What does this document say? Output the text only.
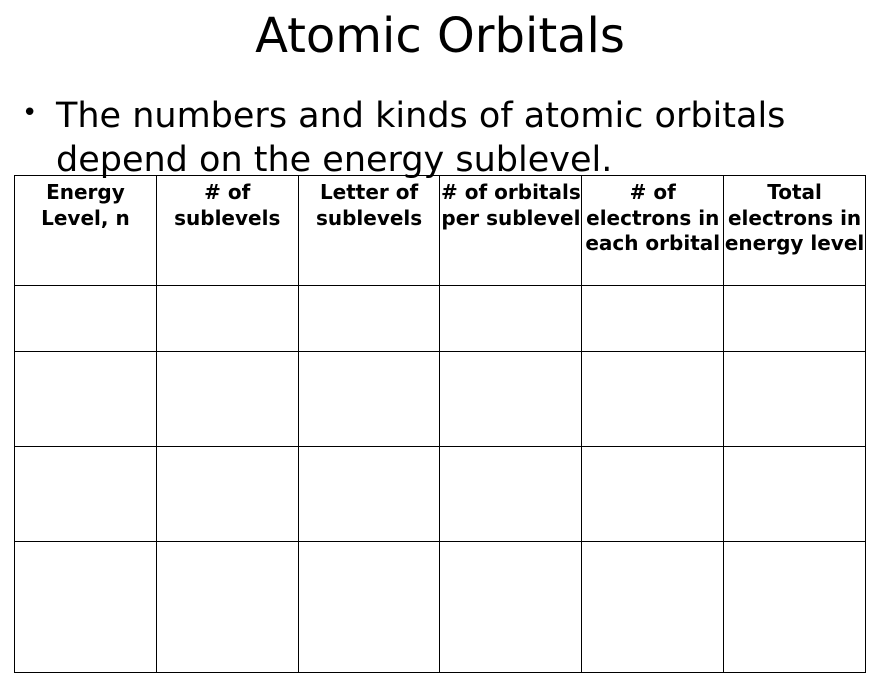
Atomic Orbitals
• The numbers and kinds of atomic orbitals depend on the energy sublevel.
Energy Level, n	# of sublevels	Letter of sublevels	# of orbitals per sublevel	# of electrons in each orbital	Total electrons in energy level
